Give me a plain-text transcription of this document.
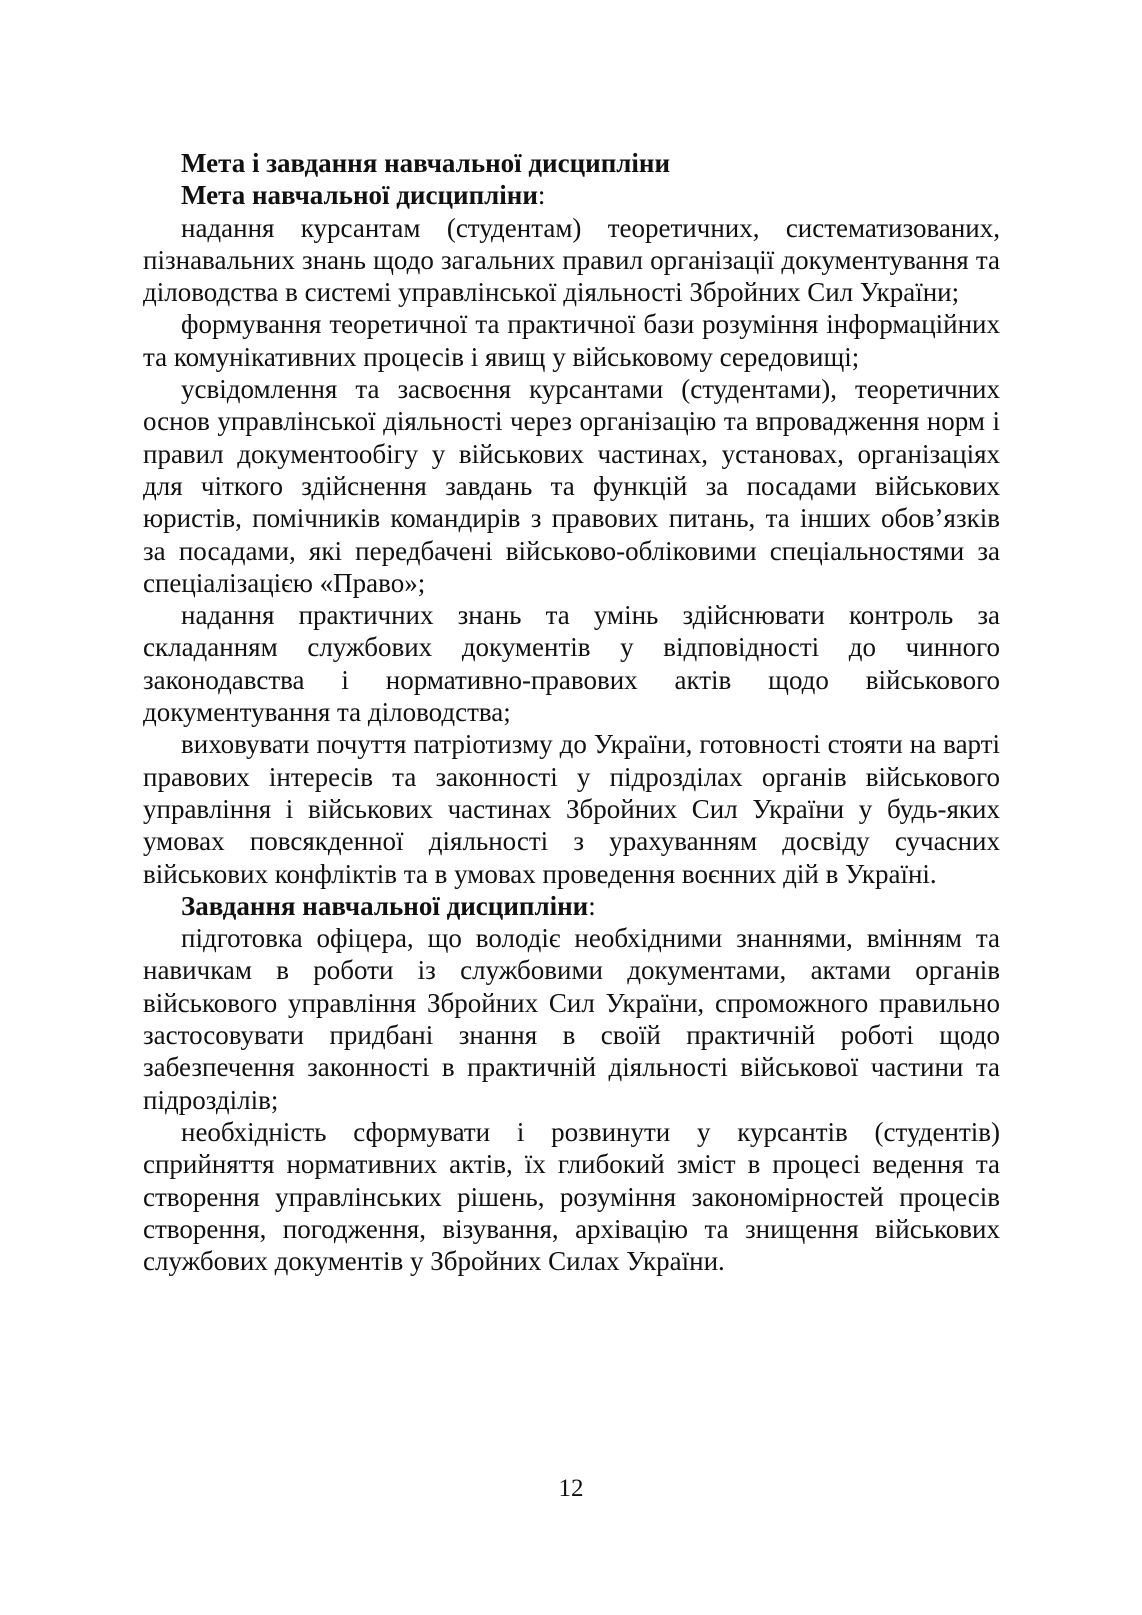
Мета і завдання навчальної дисципліни

Мета навчальної дисципліни:

надання курсантам (студентам) теоретичних, систематизованих, пізнавальних знань щодо загальних правил організації документування та діловодства в системі управлінської діяльності Збройних Сил України;

формування теоретичної та практичної бази розуміння інформаційних та комунікативних процесів і явищ у військовому середовищі;

усвідомлення та засвоєння курсантами (студентами), теоретичних основ управлінської діяльності через організацію та впровадження норм і правил документообігу у військових частинах, установах, організаціях для чіткого здійснення завдань та функцій за посадами військових юристів, помічників командирів з правових питань, та інших обов’язків за посадами, які передбачені військово-обліковими спеціальностями за спеціалізацією «Право»;

надання практичних знань та умінь здійснювати контроль за складанням службових документів у відповідності до чинного законодавства і нормативно-правових актів щодо військового документування та діловодства;

виховувати почуття патріотизму до України, готовності стояти на варті правових інтересів та законності у підрозділах органів військового управління і військових частинах Збройних Сил України у будь-яких умовах повсякденної діяльності з урахуванням досвіду сучасних військових конфліктів та в умовах проведення воєнних дій в Україні.

Завдання навчальної дисципліни:

підготовка офіцера, що володіє необхідними знаннями, вмінням та навичкам в роботи із службовими документами, актами органів військового управління Збройних Сил України, спроможного правильно застосовувати придбані знання в своїй практичній роботі щодо забезпечення законності в практичній діяльності військової частини та підрозділів;

необхідність сформувати і розвинути у курсантів (студентів) сприйняття нормативних актів, їх глибокий зміст в процесі ведення та створення управлінських рішень, розуміння закономірностей процесів створення, погодження, візування, архівацію та знищення військових службових документів у Збройних Силах України.

12
